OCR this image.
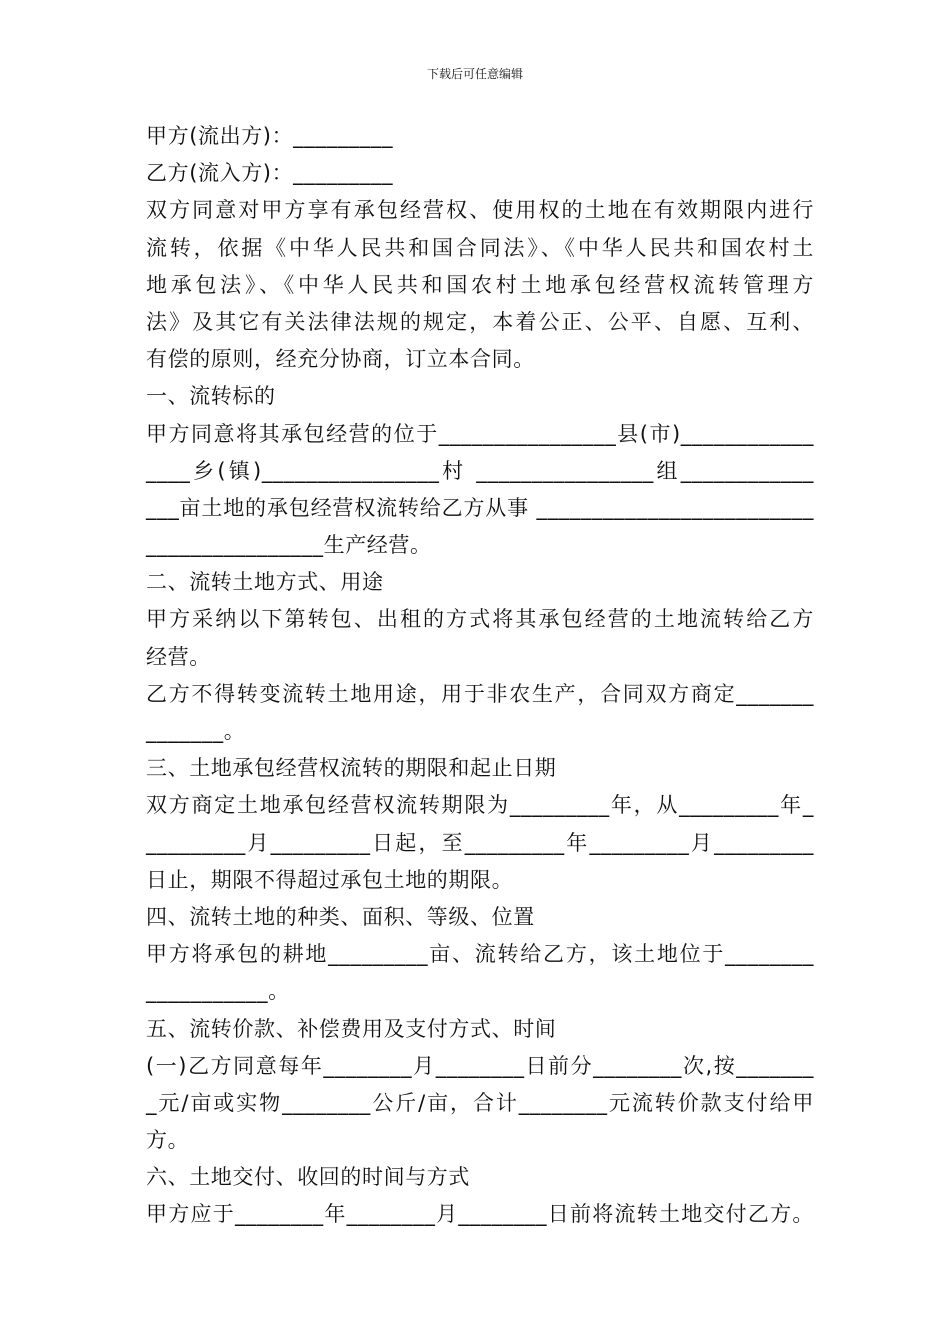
下载后可任意编辑
甲方(流出方)：_________
乙方(流入方)：_________
双方同意对甲方享有承包经营权、使用权的土地在有效期限内进行
流转，依据《中华人民共和国合同法》、《中华人民共和国农村土
地承包法》、《中华人民共和国农村土地承包经营权流转管理方
法》及其它有关法律法规的规定，本着公正、公平、自愿、互利、
有偿的原则，经充分协商，订立本合同。
一、流转标的
甲方同意将其承包经营的位于________________县(市)____________
____乡(镇)________________村 ________________组____________
___亩土地的承包经营权流转给乙方从事 _________________________
________________生产经营。
二、流转土地方式、用途
甲方采纳以下第转包、出租的方式将其承包经营的土地流转给乙方
经营。
乙方不得转变流转土地用途，用于非农生产，合同双方商定_______
_______。
三、土地承包经营权流转的期限和起止日期
双方商定土地承包经营权流转期限为_________年，从_________年_
_________月_________日起，至_________年_________月_________
日止，期限不得超过承包土地的期限。
四、流转土地的种类、面积、等级、位置
甲方将承包的耕地_________亩、流转给乙方，该土地位于________
___________。
五、流转价款、补偿费用及支付方式、时间
(一)乙方同意每年________月________日前分________次,按_______
_元/亩或实物________公斤/亩，合计________元流转价款支付给甲
方。
六、土地交付、收回的时间与方式
甲方应于________年________月________日前将流转土地交付乙方。
